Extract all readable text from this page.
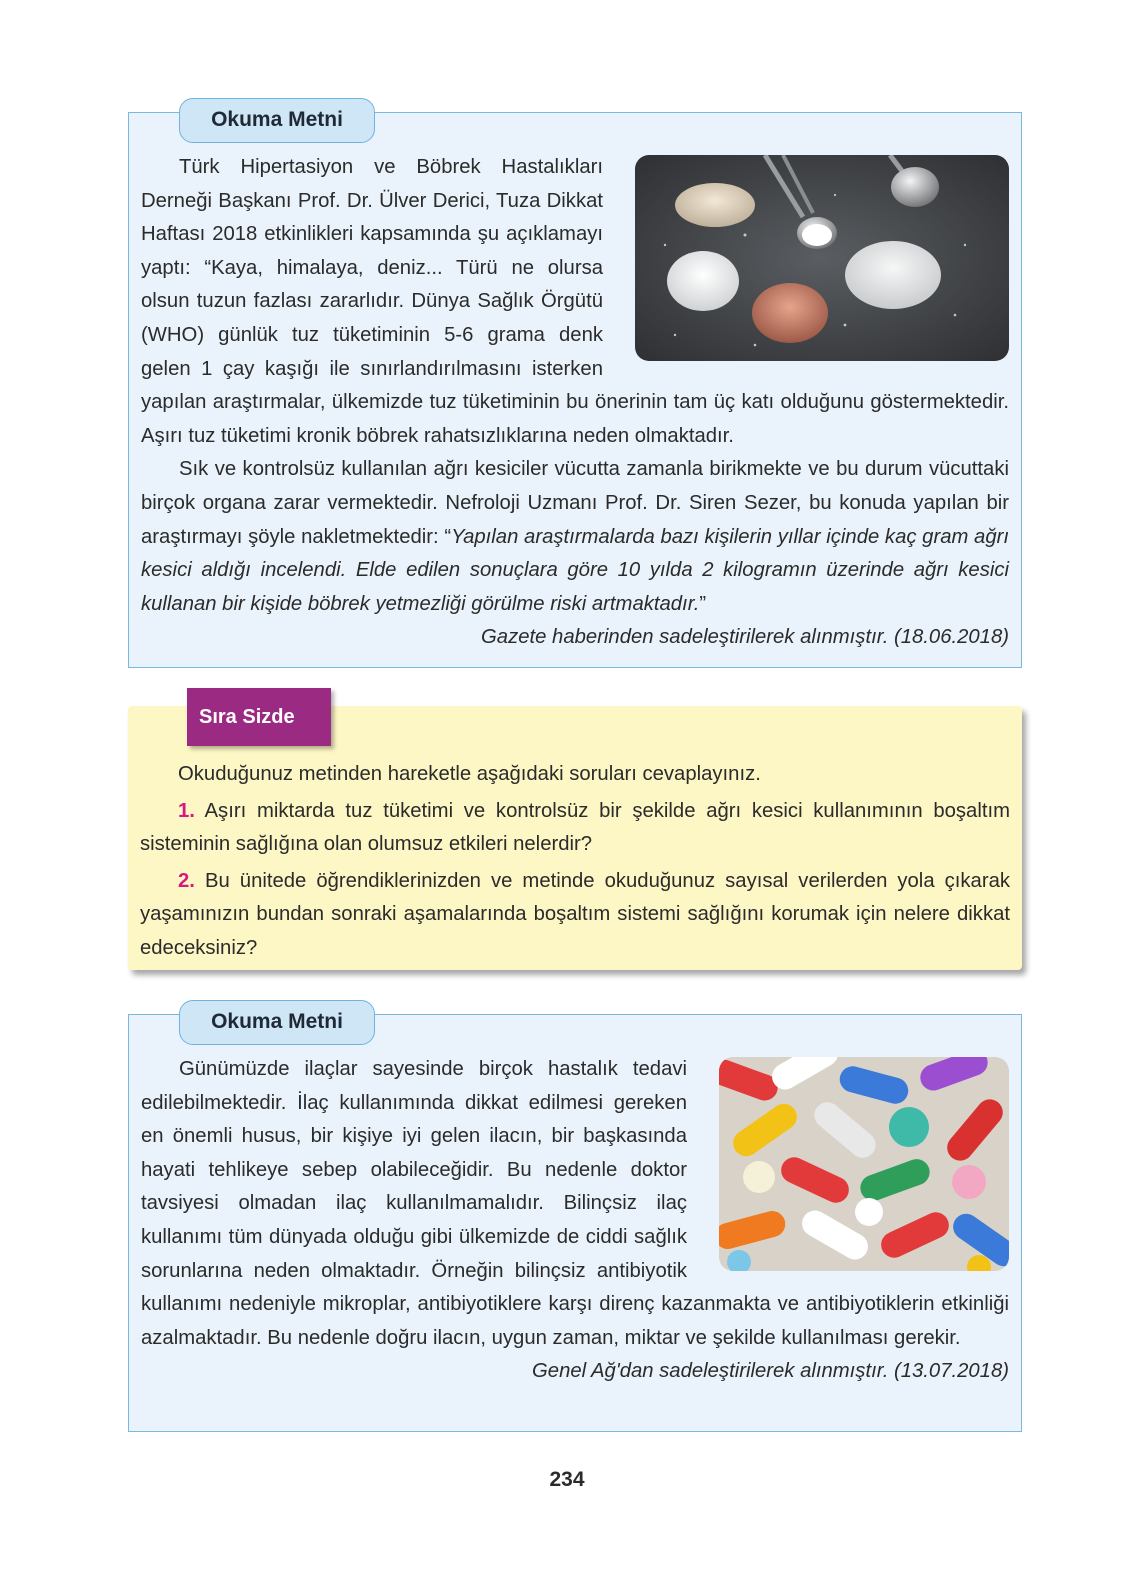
Okuma Metni

Türk Hipertasiyon ve Böbrek Hastalıkları Derneği Başkanı Prof. Dr. Ülver Derici, Tuza Dikkat Haftası 2018 etkinlikleri kapsamında şu açıklamayı yaptı: “Kaya, himalaya, deniz... Türü ne olursa olsun tuzun fazlası zararlıdır. Dünya Sağlık Örgütü (WHO) günlük tuz tüketiminin 5-6 grama denk gelen 1 çay kaşığı ile sınırlandırılmasını isterken yapılan araştırmalar, ülkemizde tuz tüketiminin bu önerinin tam üç katı olduğunu göstermektedir. Aşırı tuz tüketimi kronik böbrek rahatsızlıklarına neden olmaktadır.

Sık ve kontrolsüz kullanılan ağrı kesiciler vücutta zamanla birikmekte ve bu durum vücuttaki birçok organa zarar vermektedir. Nefroloji Uzmanı Prof. Dr. Siren Sezer, bu konuda yapılan bir araştırmayı şöyle nakletmektedir: “Yapılan araştırmalarda bazı kişilerin yıllar içinde kaç gram ağrı kesici aldığı incelendi. Elde edilen sonuçlara göre 10 yılda 2 kilogramın üzerinde ağrı kesici kullanan bir kişide böbrek yetmezliği görülme riski artmaktadır.”

Gazete haberinden sadeleştirilerek alınmıştır. (18.06.2018)

Sıra Sizde

Okuduğunuz metinden hareketle aşağıdaki soruları cevaplayınız.

1. Aşırı miktarda tuz tüketimi ve kontrolsüz bir şekilde ağrı kesici kullanımının boşaltım sisteminin sağlığına olan olumsuz etkileri nelerdir?

2. Bu ünitede öğrendiklerinizden ve metinde okuduğunuz sayısal verilerden yola çıkarak yaşamınızın bundan sonraki aşamalarında boşaltım sistemi sağlığını korumak için nelere dikkat edeceksiniz?

Okuma Metni

Günümüzde ilaçlar sayesinde birçok hastalık tedavi edilebilmektedir. İlaç kullanımında dikkat edilmesi gereken en önemli husus, bir kişiye iyi gelen ilacın, bir başkasında hayati tehlikeye sebep olabileceğidir. Bu nedenle doktor tavsiyesi olmadan ilaç kullanılmamalıdır. Bilinçsiz ilaç kullanımı tüm dünyada olduğu gibi ülkemizde de ciddi sağlık sorunlarına neden olmaktadır. Örneğin bilinçsiz antibiyotik kullanımı nedeniyle mikroplar, antibiyotiklere karşı direnç kazanmakta ve antibiyotiklerin etkinliği azalmaktadır. Bu nedenle doğru ilacın, uygun zaman, miktar ve şekilde kullanılması gerekir.

Genel Ağ'dan sadeleştirilerek alınmıştır. (13.07.2018)

234
